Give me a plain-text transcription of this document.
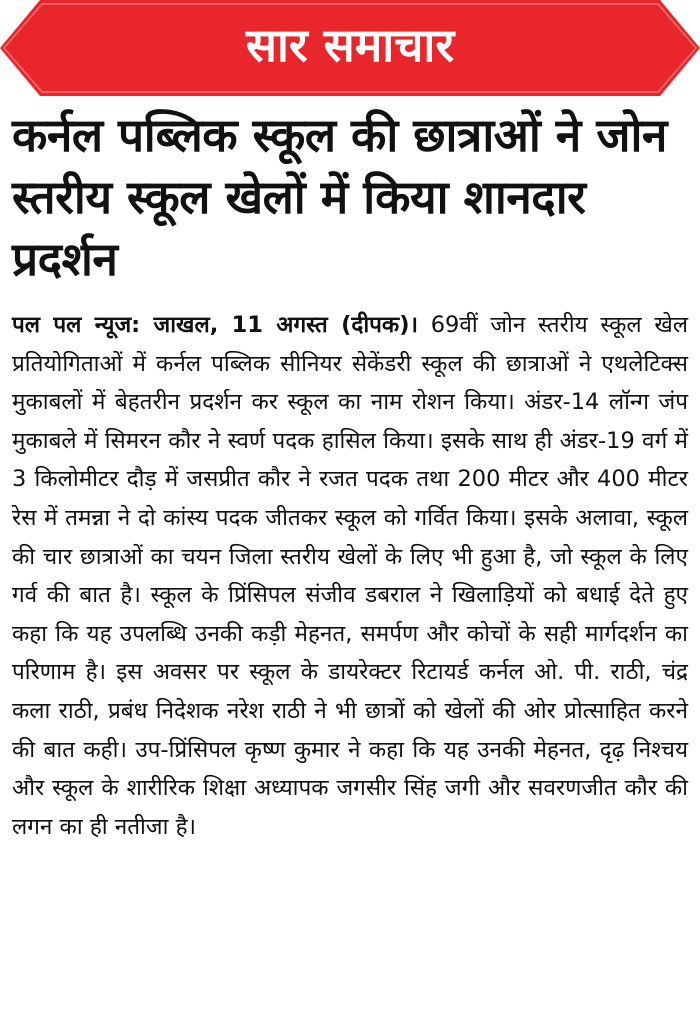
सार समाचार
कर्नल पब्लिक स्कूल की छात्राओं ने जोन स्तरीय स्कूल खेलों में किया शानदार प्रदर्शन

पल पल न्यूज: जाखल, 11 अगस्त (दीपक)। 69वीं जोन स्तरीय स्कूल खेल प्रतियोगिताओं में कर्नल पब्लिक सीनियर सेकेंडरी स्कूल की छात्राओं ने एथलेटिक्स मुकाबलों में बेहतरीन प्रदर्शन कर स्कूल का नाम रोशन किया। अंडर-14 लॉन्ग जंप मुकाबले में सिमरन कौर ने स्वर्ण पदक हासिल किया। इसके साथ ही अंडर-19 वर्ग में 3 किलोमीटर दौड़ में जसप्रीत कौर ने रजत पदक तथा 200 मीटर और 400 मीटर रेस में तमन्ना ने दो कांस्य पदक जीतकर स्कूल को गर्वित किया। इसके अलावा, स्कूल की चार छात्राओं का चयन जिला स्तरीय खेलों के लिए भी हुआ है, जो स्कूल के लिए गर्व की बात है। स्कूल के प्रिंसिपल संजीव डबराल ने खिलाड़ियों को बधाई देते हुए कहा कि यह उपलब्धि उनकी कड़ी मेहनत, समर्पण और कोचों के सही मार्गदर्शन का परिणाम है। इस अवसर पर स्कूल के डायरेक्टर रिटायर्ड कर्नल ओ. पी. राठी, चंद्र कला राठी, प्रबंध निदेशक नरेश राठी ने भी छात्रों को खेलों की ओर प्रोत्साहित करने की बात कही। उप-प्रिंसिपल कृष्ण कुमार ने कहा कि यह उनकी मेहनत, दृढ़ निश्चय और स्कूल के शारीरिक शिक्षा अध्यापक जगसीर सिंह जगी और सवरणजीत कौर की लगन का ही नतीजा है।
